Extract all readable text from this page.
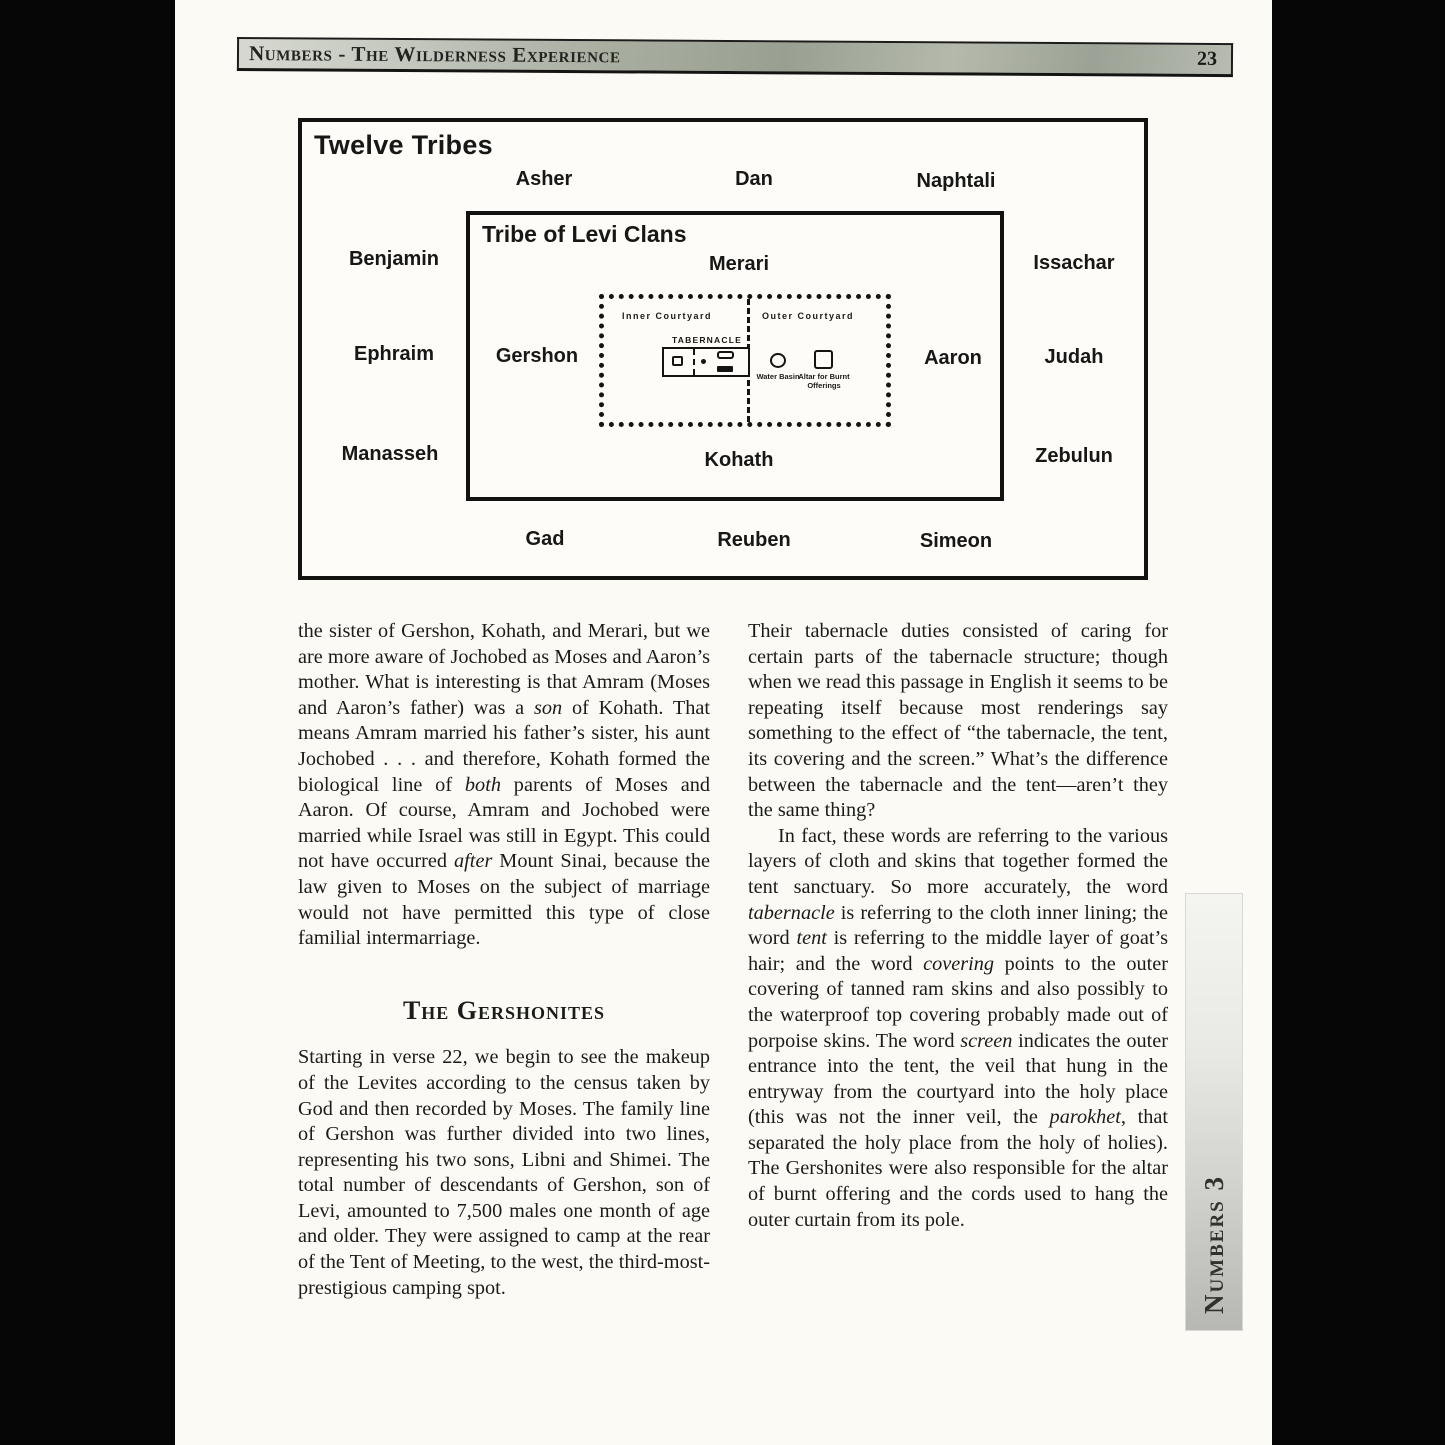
Numbers - The Wilderness Experience	23
Twelve Tribes
Asher	Dan	Naphtali
Benjamin
Ephraim
Manasseh
Issachar
Judah
Zebulun
Gad	Reuben	Simeon
Tribe of Levi Clans
Merari
Gershon	Aaron
Kohath
Inner Courtyard	Outer Courtyard
TABERNACLE
Water Basin
Altar for Burnt Offerings

the sister of Gershon, Kohath, and Merari, but we are more aware of Jochobed as Moses and Aaron’s mother. What is interesting is that Amram (Moses and Aaron’s father) was a son of Kohath. That means Amram married his father’s sister, his aunt Jochobed . . . and therefore, Kohath formed the biological line of both parents of Moses and Aaron. Of course, Amram and Jochobed were married while Israel was still in Egypt. This could not have occurred after Mount Sinai, because the law given to Moses on the subject of marriage would not have permitted this type of close familial intermarriage.

The Gershonites

Starting in verse 22, we begin to see the makeup of the Levites according to the census taken by God and then recorded by Moses. The family line of Gershon was further divided into two lines, representing his two sons, Libni and Shimei. The total number of descendants of Gershon, son of Levi, amounted to 7,500 males one month of age and older. They were assigned to camp at the rear of the Tent of Meeting, to the west, the third-most-prestigious camping spot.

Their tabernacle duties consisted of caring for certain parts of the tabernacle structure; though when we read this passage in English it seems to be repeating itself because most renderings say something to the effect of “the tabernacle, the tent, its covering and the screen.” What’s the difference between the tabernacle and the tent—aren’t they the same thing?

In fact, these words are referring to the various layers of cloth and skins that together formed the tent sanctuary. So more accurately, the word tabernacle is referring to the cloth inner lining; the word tent is referring to the middle layer of goat’s hair; and the word covering points to the outer covering of tanned ram skins and also possibly to the waterproof top covering probably made out of porpoise skins. The word screen indicates the outer entrance into the tent, the veil that hung in the entryway from the courtyard into the holy place (this was not the inner veil, the parokhet, that separated the holy place from the holy of holies). The Gershonites were also responsible for the altar of burnt offering and the cords used to hang the outer curtain from its pole.	Numbers 3
